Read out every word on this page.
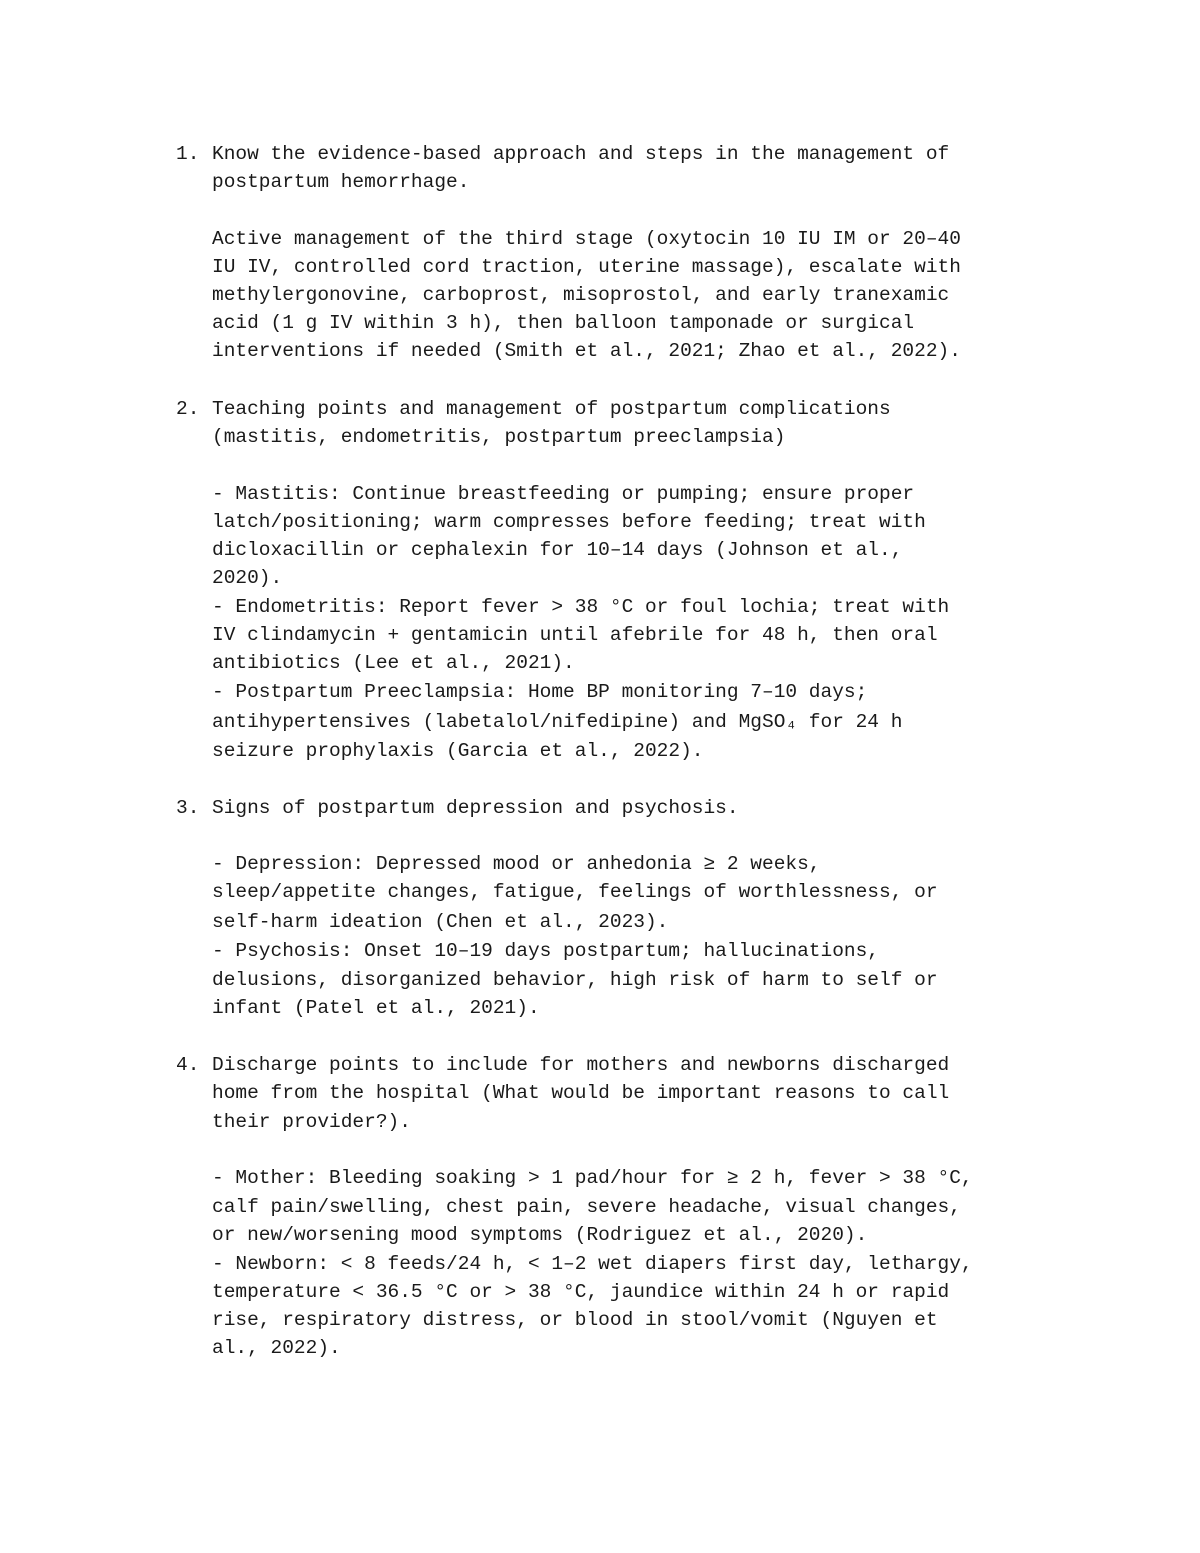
1. Know the evidence-based approach and steps in the management of
postpartum hemorrhage.
Active management of the third stage (oxytocin 10 IU IM or 20–40
IU IV, controlled cord traction, uterine massage), escalate with
methylergonovine, carboprost, misoprostol, and early tranexamic
acid (1 g IV within 3 h), then balloon tamponade or surgical
interventions if needed (Smith et al., 2021; Zhao et al., 2022).
2. Teaching points and management of postpartum complications
(mastitis, endometritis, postpartum preeclampsia)
- Mastitis: Continue breastfeeding or pumping; ensure proper
latch/positioning; warm compresses before feeding; treat with
dicloxacillin or cephalexin for 10–14 days (Johnson et al.,
2020).
- Endometritis: Report fever > 38 °C or foul lochia; treat with
IV clindamycin + gentamicin until afebrile for 48 h, then oral
antibiotics (Lee et al., 2021).
- Postpartum Preeclampsia: Home BP monitoring 7–10 days;
antihypertensives (labetalol/nifedipine) and MgSO₄ for 24 h
seizure prophylaxis (Garcia et al., 2022).
3. Signs of postpartum depression and psychosis.
- Depression: Depressed mood or anhedonia ≥ 2 weeks,
sleep/appetite changes, fatigue, feelings of worthlessness, or
self-harm ideation (Chen et al., 2023).
- Psychosis: Onset 10–19 days postpartum; hallucinations,
delusions, disorganized behavior, high risk of harm to self or
infant (Patel et al., 2021).
4. Discharge points to include for mothers and newborns discharged
home from the hospital (What would be important reasons to call
their provider?).
- Mother: Bleeding soaking > 1 pad/hour for ≥ 2 h, fever > 38 °C,
calf pain/swelling, chest pain, severe headache, visual changes,
or new/worsening mood symptoms (Rodriguez et al., 2020).
- Newborn: < 8 feeds/24 h, < 1–2 wet diapers first day, lethargy,
temperature < 36.5 °C or > 38 °C, jaundice within 24 h or rapid
rise, respiratory distress, or blood in stool/vomit (Nguyen et
al., 2022).
